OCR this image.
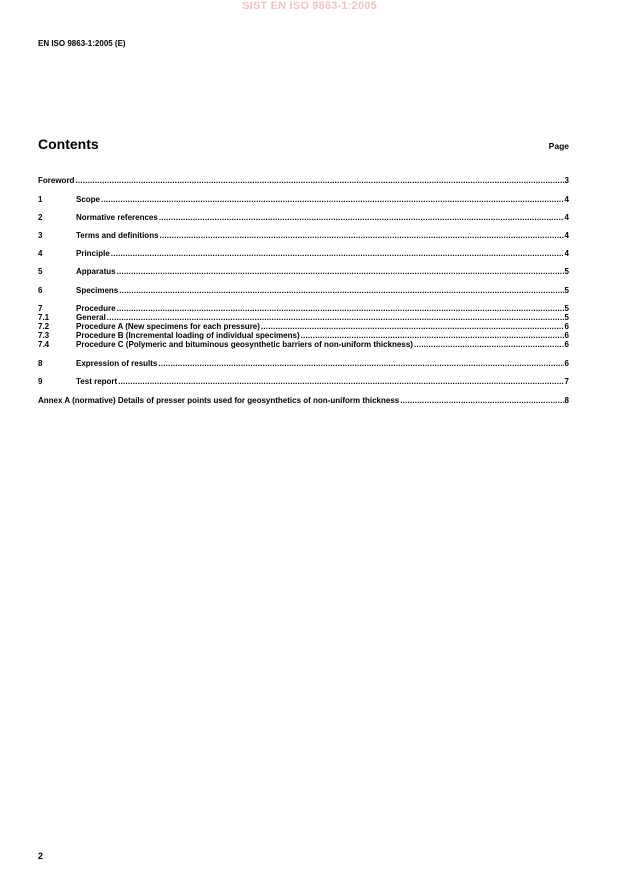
SIST EN ISO 9863-1:2005
EN ISO 9863-1:2005 (E)
Contents	Page
Foreword .....	3
1	Scope .....	4
2	Normative references .....	4
3	Terms and definitions .....	4
4	Principle .....	4
5	Apparatus .....	5
6	Specimens .....	5
7	Procedure .....	5
7.1	General .....	5
7.2	Procedure A (New specimens for each pressure) .....	6
7.3	Procedure B (Incremental loading of individual specimens) .....	6
7.4	Procedure C (Polymeric and bituminous geosynthetic barriers of non-uniform thickness) .....	6
8	Expression of results .....	6
9	Test report .....	7
Annex A (normative) Details of presser points used for geosynthetics of non-uniform thickness .....	8
2
